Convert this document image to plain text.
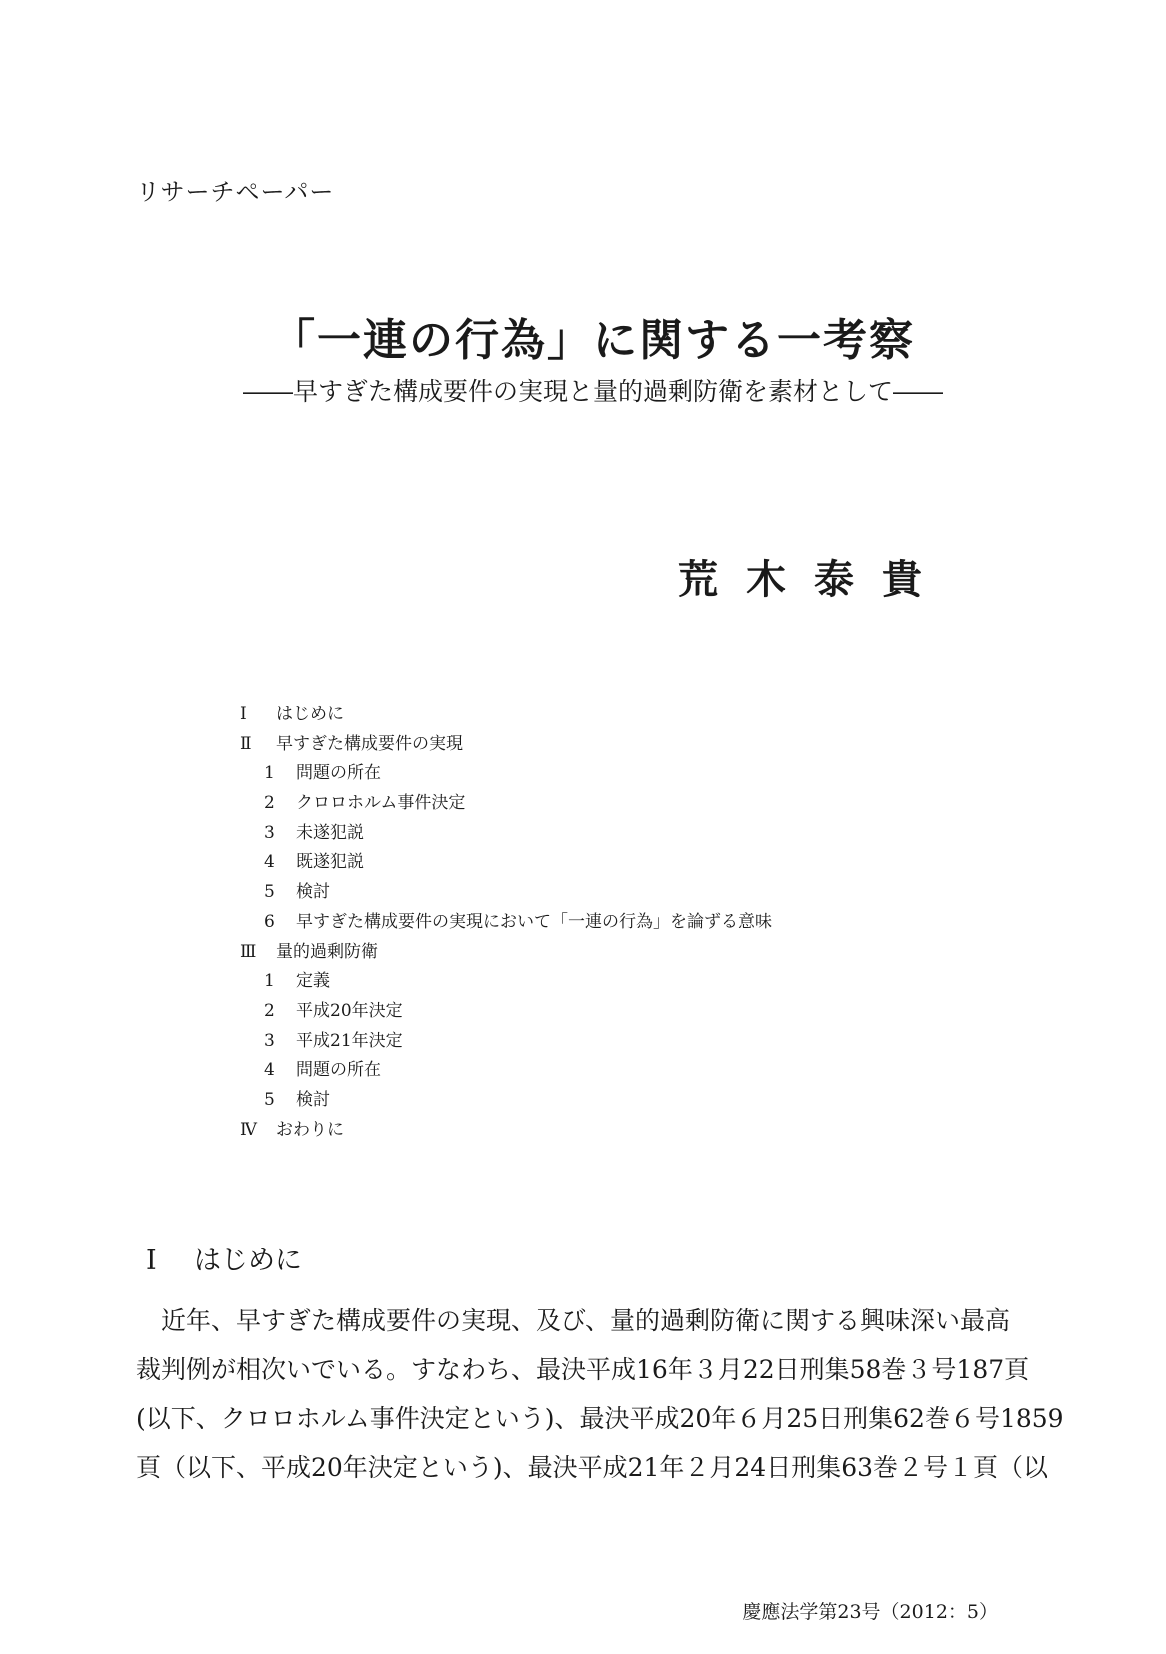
リサーチペーパー
「一連の行為」に関する一考察
――早すぎた構成要件の実現と量的過剰防衛を素材として――
荒木泰貴
Ⅰ はじめに
Ⅱ 早すぎた構成要件の実現
1 問題の所在
2 クロロホルム事件決定
3 未遂犯説
4 既遂犯説
5 検討
6 早すぎた構成要件の実現において「一連の行為」を論ずる意味
Ⅲ 量的過剰防衛
1 定義
2 平成20年決定
3 平成21年決定
4 問題の所在
5 検討
Ⅳ おわりに
Ⅰ はじめに
　近年、早すぎた構成要件の実現、及び、量的過剰防衛に関する興味深い最高
裁判例が相次いでいる。すなわち、最決平成16年３月22日刑集58巻３号187頁
(以下、クロロホルム事件決定という)、最決平成20年６月25日刑集62巻６号1859
頁（以下、平成20年決定という)、最決平成21年２月24日刑集63巻２号１頁（以
慶應法学第23号（2012：5）
